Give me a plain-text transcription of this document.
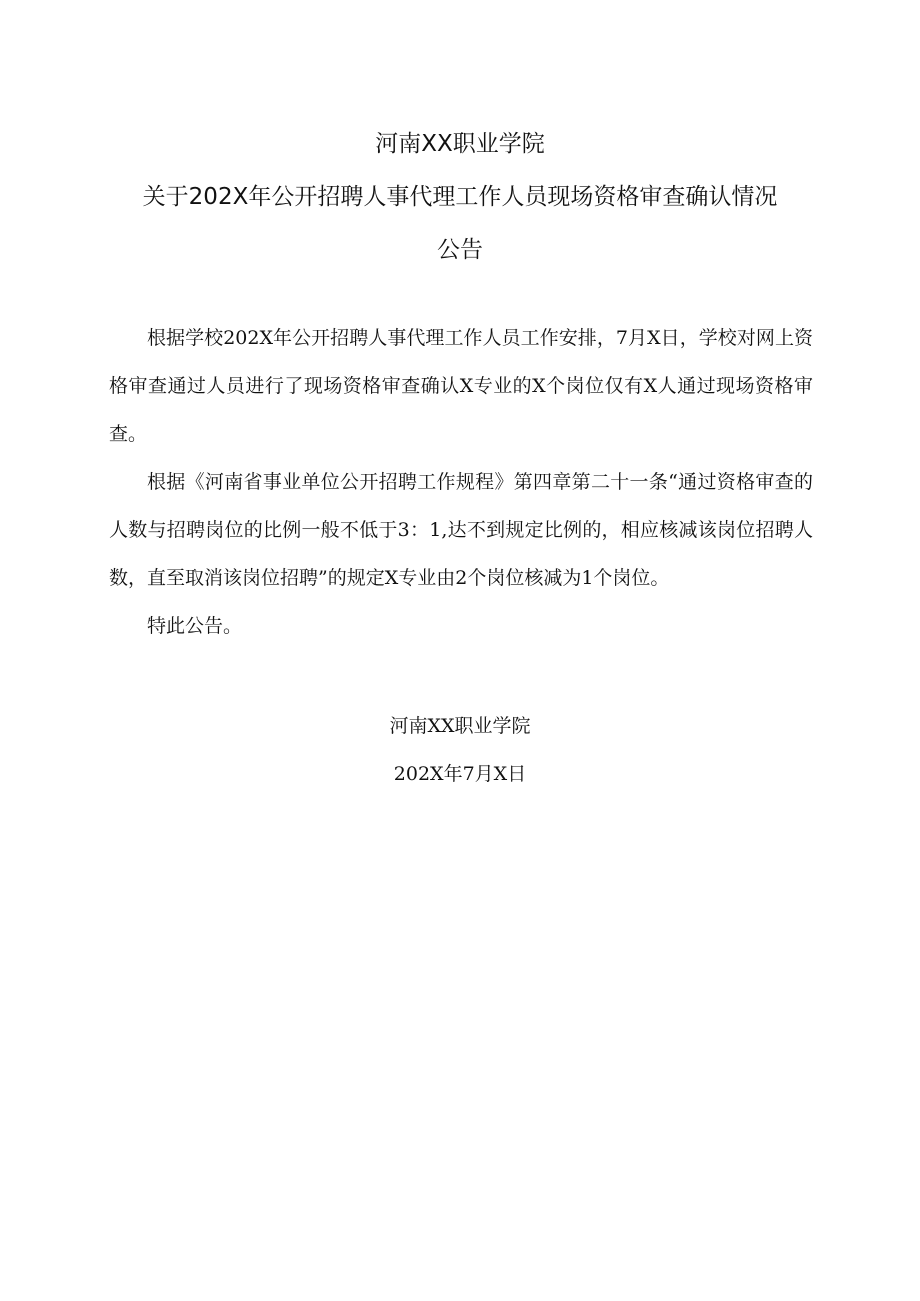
河南XX职业学院
关于202X年公开招聘人事代理工作人员现场资格审查确认情况
公告

根据学校202X年公开招聘人事代理工作人员工作安排，7月X日，学校对网上资格审查通过人员进行了现场资格审查确认X专业的X个岗位仅有X人通过现场资格审查。

根据《河南省事业单位公开招聘工作规程》第四章第二十一条“通过资格审查的人数与招聘岗位的比例一般不低于3：1,达不到规定比例的，相应核减该岗位招聘人数，直至取消该岗位招聘”的规定X专业由2个岗位核减为1个岗位。

特此公告。

河南XX职业学院
202X年7月X日
